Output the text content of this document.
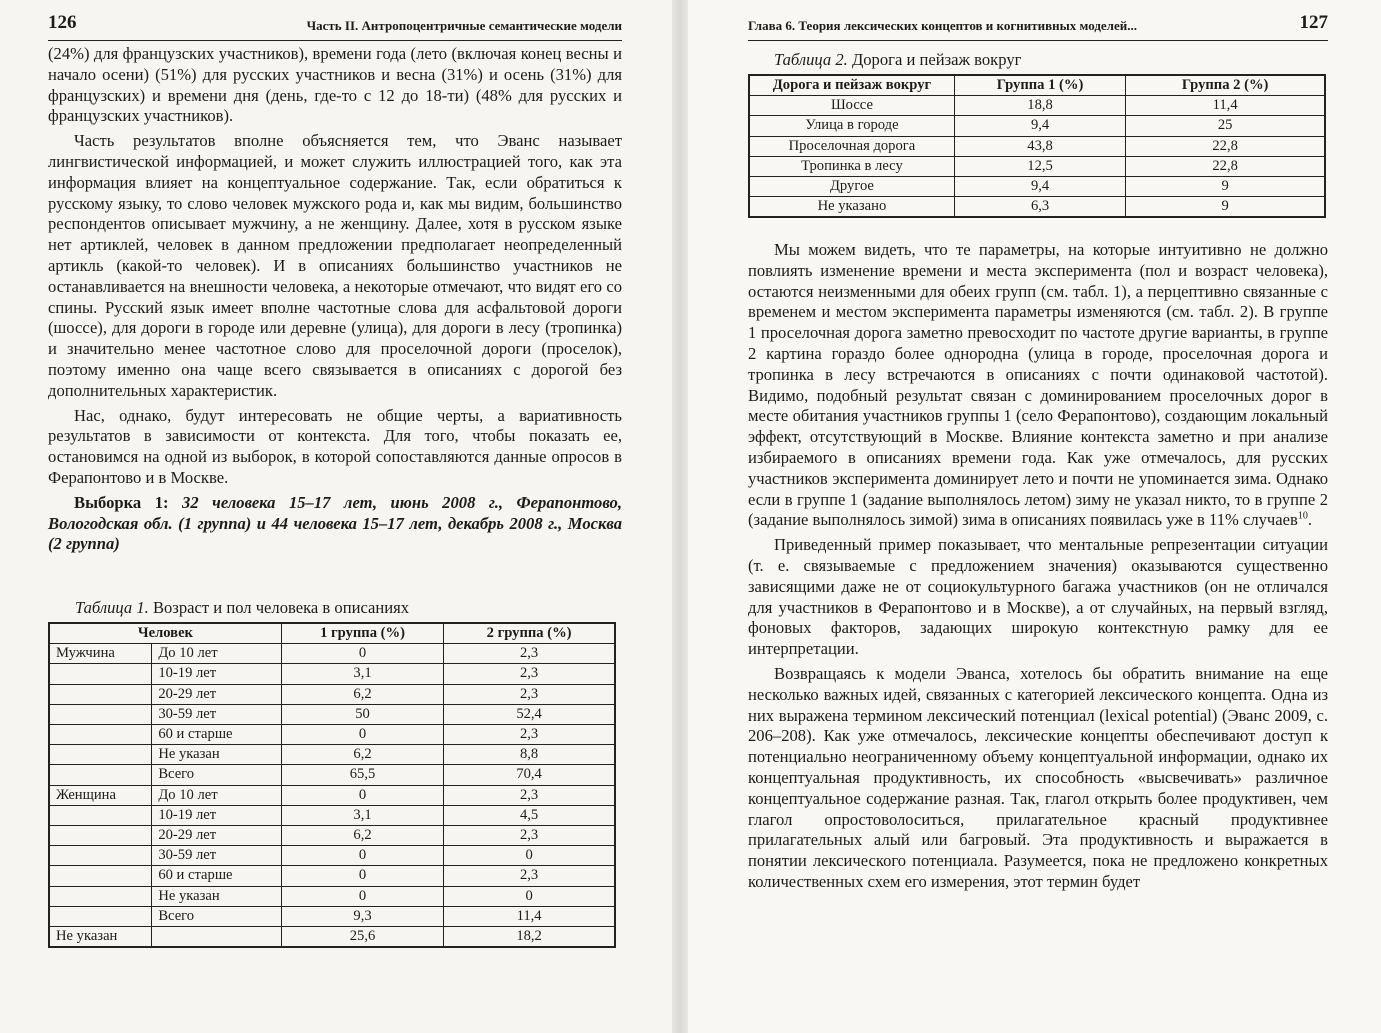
126	Часть II. Антропоцентричные семантические модели

(24%) для французских участников), времени года (лето (включая конец весны и начало осени) (51%) для русских участников и весна (31%) и осень (31%) для французских) и времени дня (день, где-то с 12 до 18-ти) (48% для русских и французских участников).

Часть результатов вполне объясняется тем, что Эванс называет лингвистической информацией, и может служить иллюстрацией того, как эта информация влияет на концептуальное содержание. Так, если обратиться к русскому языку, то слово человек мужского рода и, как мы видим, большинство респондентов описывает мужчину, а не женщину. Далее, хотя в русском языке нет артиклей, человек в данном предложении предполагает неопределенный артикль (какой-то человек). И в описаниях большинство участников не останавливается на внешности человека, а некоторые отмечают, что видят его со спины. Русский язык имеет вполне частотные слова для асфальтовой дороги (шоссе), для дороги в городе или деревне (улица), для дороги в лесу (тропинка) и значительно менее частотное слово для проселочной дороги (проселок), поэтому именно она чаще всего связывается в описаниях с дорогой без дополнительных характеристик.

Нас, однако, будут интересовать не общие черты, а вариативность результатов в зависимости от контекста. Для того, чтобы показать ее, остановимся на одной из выборок, в которой сопоставляются данные опросов в Ферапонтово и в Москве.

Выборка 1: 32 человека 15–17 лет, июнь 2008 г., Ферапонтово, Вологодская обл. (1 группа) и 44 человека 15–17 лет, декабрь 2008 г., Москва (2 группа)

Таблица 1. Возраст и пол человека в описаниях
Человек		1 группа (%)	2 группа (%)
Мужчина	До 10 лет	0	2,3
	10-19 лет	3,1	2,3
	20-29 лет	6,2	2,3
	30-59 лет	50	52,4
	60 и старше	0	2,3
	Не указан	6,2	8,8
	Всего	65,5	70,4
Женщина	До 10 лет	0	2,3
	10-19 лет	3,1	4,5
	20-29 лет	6,2	2,3
	30-59 лет	0	0
	60 и старше	0	2,3
	Не указан	0	0
	Всего	9,3	11,4
Не указан		25,6	18,2
Глава 6. Теория лексических концептов и когнитивных моделей...	127
Таблица 2. Дорога и пейзаж вокруг
Дорога и пейзаж вокруг	Группа 1 (%)	Группа 2 (%)
Шоссе	18,8	11,4
Улица в городе	9,4	25
Проселочная дорога	43,8	22,8
Тропинка в лесу	12,5	22,8
Другое	9,4	9
Не указано	6,3	9

Мы можем видеть, что те параметры, на которые интуитивно не должно повлиять изменение времени и места эксперимента (пол и возраст человека), остаются неизменными для обеих групп (см. табл. 1), а перцептивно связанные с временем и местом эксперимента параметры изменяются (см. табл. 2). В группе 1 проселочная дорога заметно превосходит по частоте другие варианты, в группе 2 картина гораздо более однородна (улица в городе, проселочная дорога и тропинка в лесу встречаются в описаниях с почти одинаковой частотой). Видимо, подобный результат связан с доминированием проселочных дорог в месте обитания участников группы 1 (село Ферапонтово), создающим локальный эффект, отсутствующий в Москве. Влияние контекста заметно и при анализе избираемого в описаниях времени года. Как уже отмечалось, для русских участников эксперимента доминирует лето и почти не упоминается зима. Однако если в группе 1 (задание выполнялось летом) зиму не указал никто, то в группе 2 (задание выполнялось зимой) зима в описаниях появилась уже в 11% случаев$^{10}$.

Приведенный пример показывает, что ментальные репрезентации ситуации (т. е. связываемые с предложением значения) оказываются существенно зависящими даже не от социокультурного багажа участников (он не отличался для участников в Ферапонтово и в Москве), а от случайных, на первый взгляд, фоновых факторов, задающих широкую контекстную рамку для ее интерпретации.

Возвращаясь к модели Эванса, хотелось бы обратить внимание на еще несколько важных идей, связанных с категорией лексического концепта. Одна из них выражена термином лексический потенциал (lexical potential) (Эванс 2009, с. 206–208). Как уже отмечалось, лексические концепты обеспечивают доступ к потенциально неограниченному объему концептуальной информации, однако их концептуальная продуктивность, их способность «высвечивать» различное концептуальное содержание разная. Так, глагол открыть более продуктивен, чем глагол опростоволоситься, прилагательное красный продуктивнее прилагательных алый или багровый. Эта продуктивность и выражается в понятии лексического потенциала. Разумеется, пока не предложено конкретных количественных схем его измерения, этот термин будет
